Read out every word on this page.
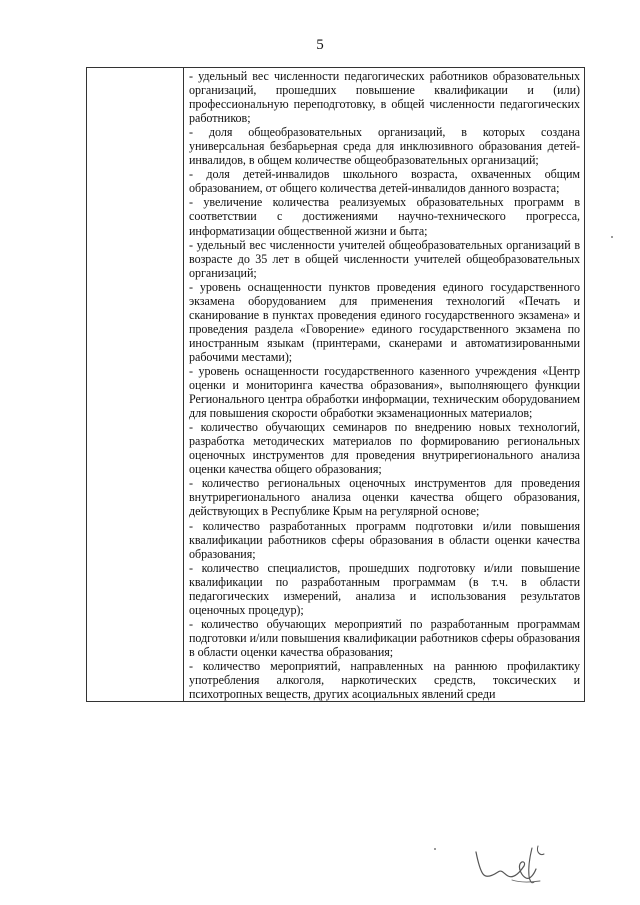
5

- удельный вес численности педагогических работников образовательных организаций, прошедших повышение квалификации и (или) профессиональную переподготовку, в общей численности педагогических работников;

- доля общеобразовательных организаций, в которых создана универсальная безбарьерная среда для инклюзивного образования детей-инвалидов, в общем количестве общеобразовательных организаций;

- доля детей-инвалидов школьного возраста, охваченных общим образованием, от общего количества детей-инвалидов данного возраста;

- увеличение количества реализуемых образовательных программ в соответствии с достижениями научно-технического прогресса, информатизации общественной жизни и быта;

- удельный вес численности учителей общеобразовательных организаций в возрасте до 35 лет в общей численности учителей общеобразовательных организаций;

- уровень оснащенности пунктов проведения единого государственного экзамена оборудованием для применения технологий «Печать и сканирование в пунктах проведения единого государственного экзамена» и проведения раздела «Говорение» единого государственного экзамена по иностранным языкам (принтерами, сканерами и автоматизированными рабочими местами);

- уровень оснащенности государственного казенного учреждения «Центр оценки и мониторинга качества образования», выполняющего функции Регионального центра обработки информации, техническим оборудованием для повышения скорости обработки экзаменационных материалов;

- количество обучающих семинаров по внедрению новых технологий, разработка методических материалов по формированию региональных оценочных инструментов для проведения внутрирегионального анализа оценки качества общего образования;

- количество региональных оценочных инструментов для проведения внутрирегионального анализа оценки качества общего образования, действующих в Республике Крым на регулярной основе;

- количество разработанных программ подготовки и/или повышения квалификации работников сферы образования в области оценки качества образования;

- количество специалистов, прошедших подготовку и/или повышение квалификации по разработанным программам (в т.ч. в области педагогических измерений, анализа и использования результатов оценочных процедур);

- количество обучающих мероприятий по разработанным программам подготовки и/или повышения квалификации работников сферы образования в области оценки качества образования;

- количество мероприятий, направленных на раннюю профилактику употребления алкоголя, наркотических средств, токсических и психотропных веществ, других асоциальных явлений среди
